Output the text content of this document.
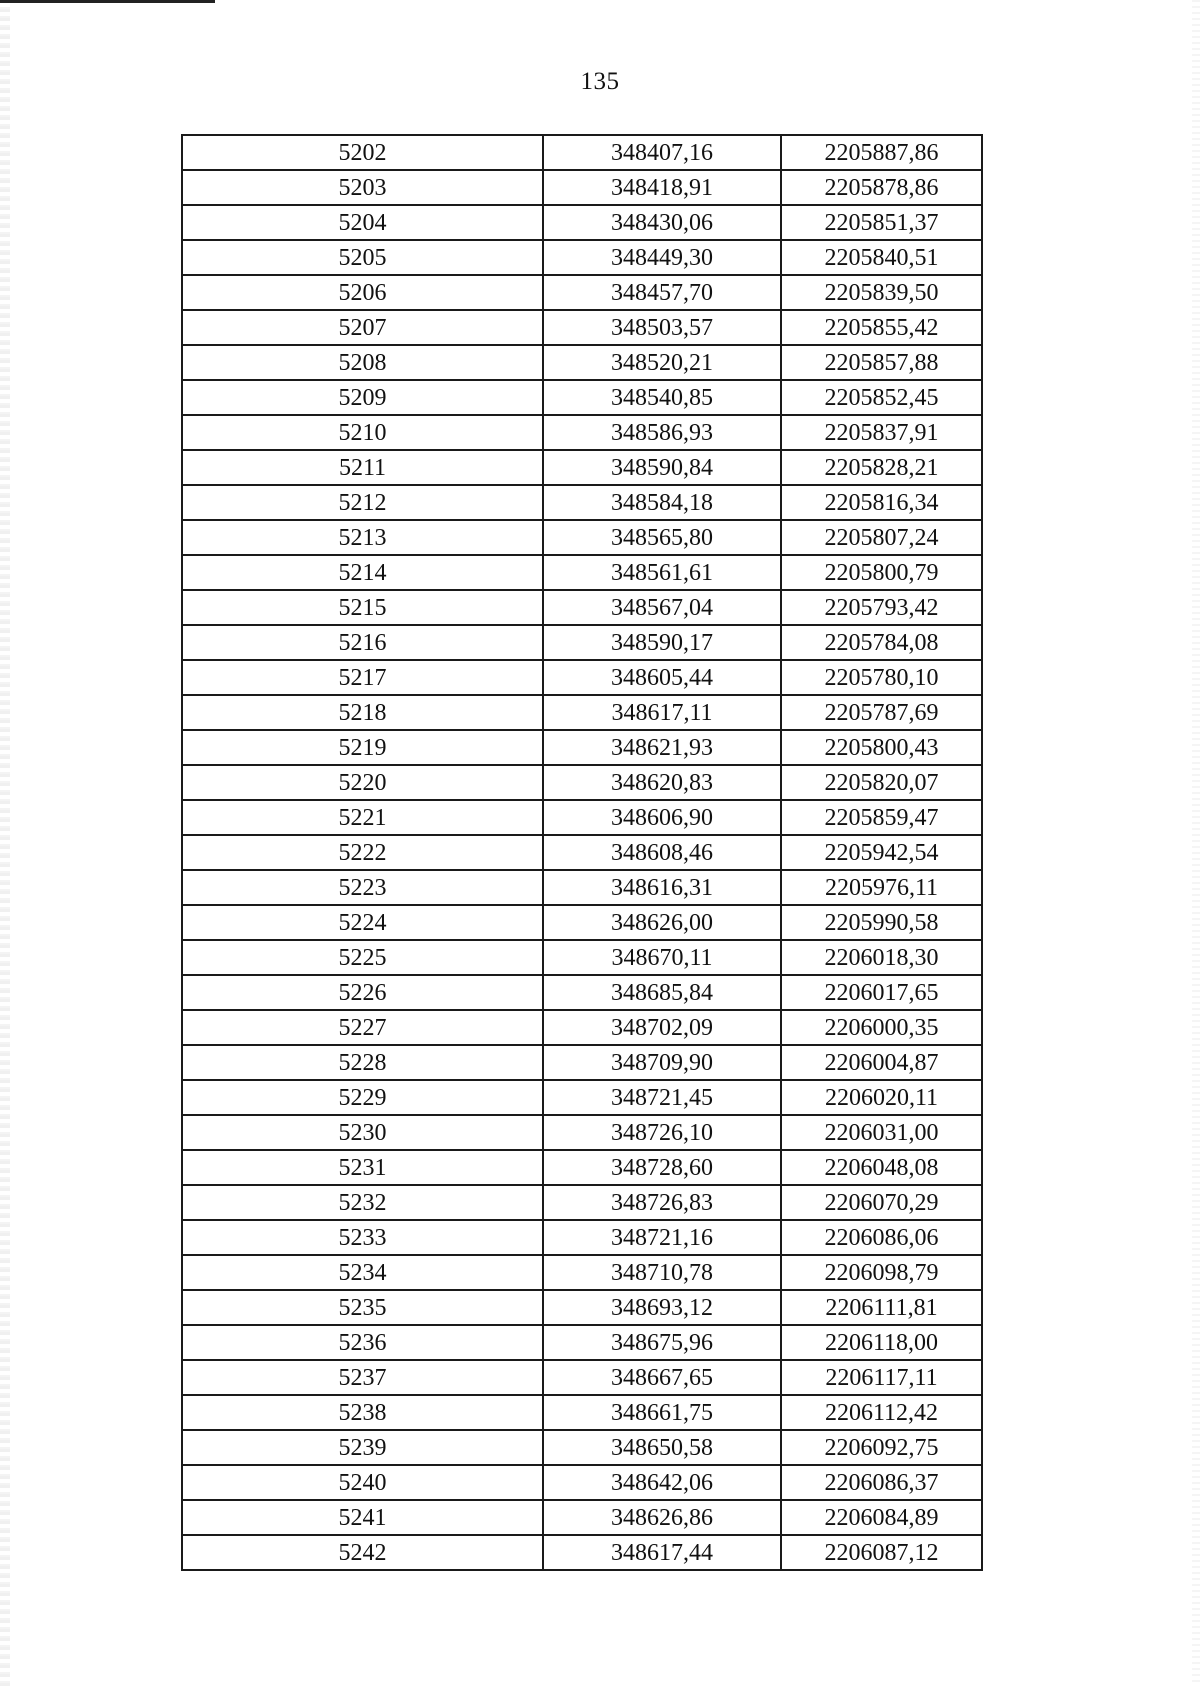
135
5202	348407,16	2205887,86
5203	348418,91	2205878,86
5204	348430,06	2205851,37
5205	348449,30	2205840,51
5206	348457,70	2205839,50
5207	348503,57	2205855,42
5208	348520,21	2205857,88
5209	348540,85	2205852,45
5210	348586,93	2205837,91
5211	348590,84	2205828,21
5212	348584,18	2205816,34
5213	348565,80	2205807,24
5214	348561,61	2205800,79
5215	348567,04	2205793,42
5216	348590,17	2205784,08
5217	348605,44	2205780,10
5218	348617,11	2205787,69
5219	348621,93	2205800,43
5220	348620,83	2205820,07
5221	348606,90	2205859,47
5222	348608,46	2205942,54
5223	348616,31	2205976,11
5224	348626,00	2205990,58
5225	348670,11	2206018,30
5226	348685,84	2206017,65
5227	348702,09	2206000,35
5228	348709,90	2206004,87
5229	348721,45	2206020,11
5230	348726,10	2206031,00
5231	348728,60	2206048,08
5232	348726,83	2206070,29
5233	348721,16	2206086,06
5234	348710,78	2206098,79
5235	348693,12	2206111,81
5236	348675,96	2206118,00
5237	348667,65	2206117,11
5238	348661,75	2206112,42
5239	348650,58	2206092,75
5240	348642,06	2206086,37
5241	348626,86	2206084,89
5242	348617,44	2206087,12
